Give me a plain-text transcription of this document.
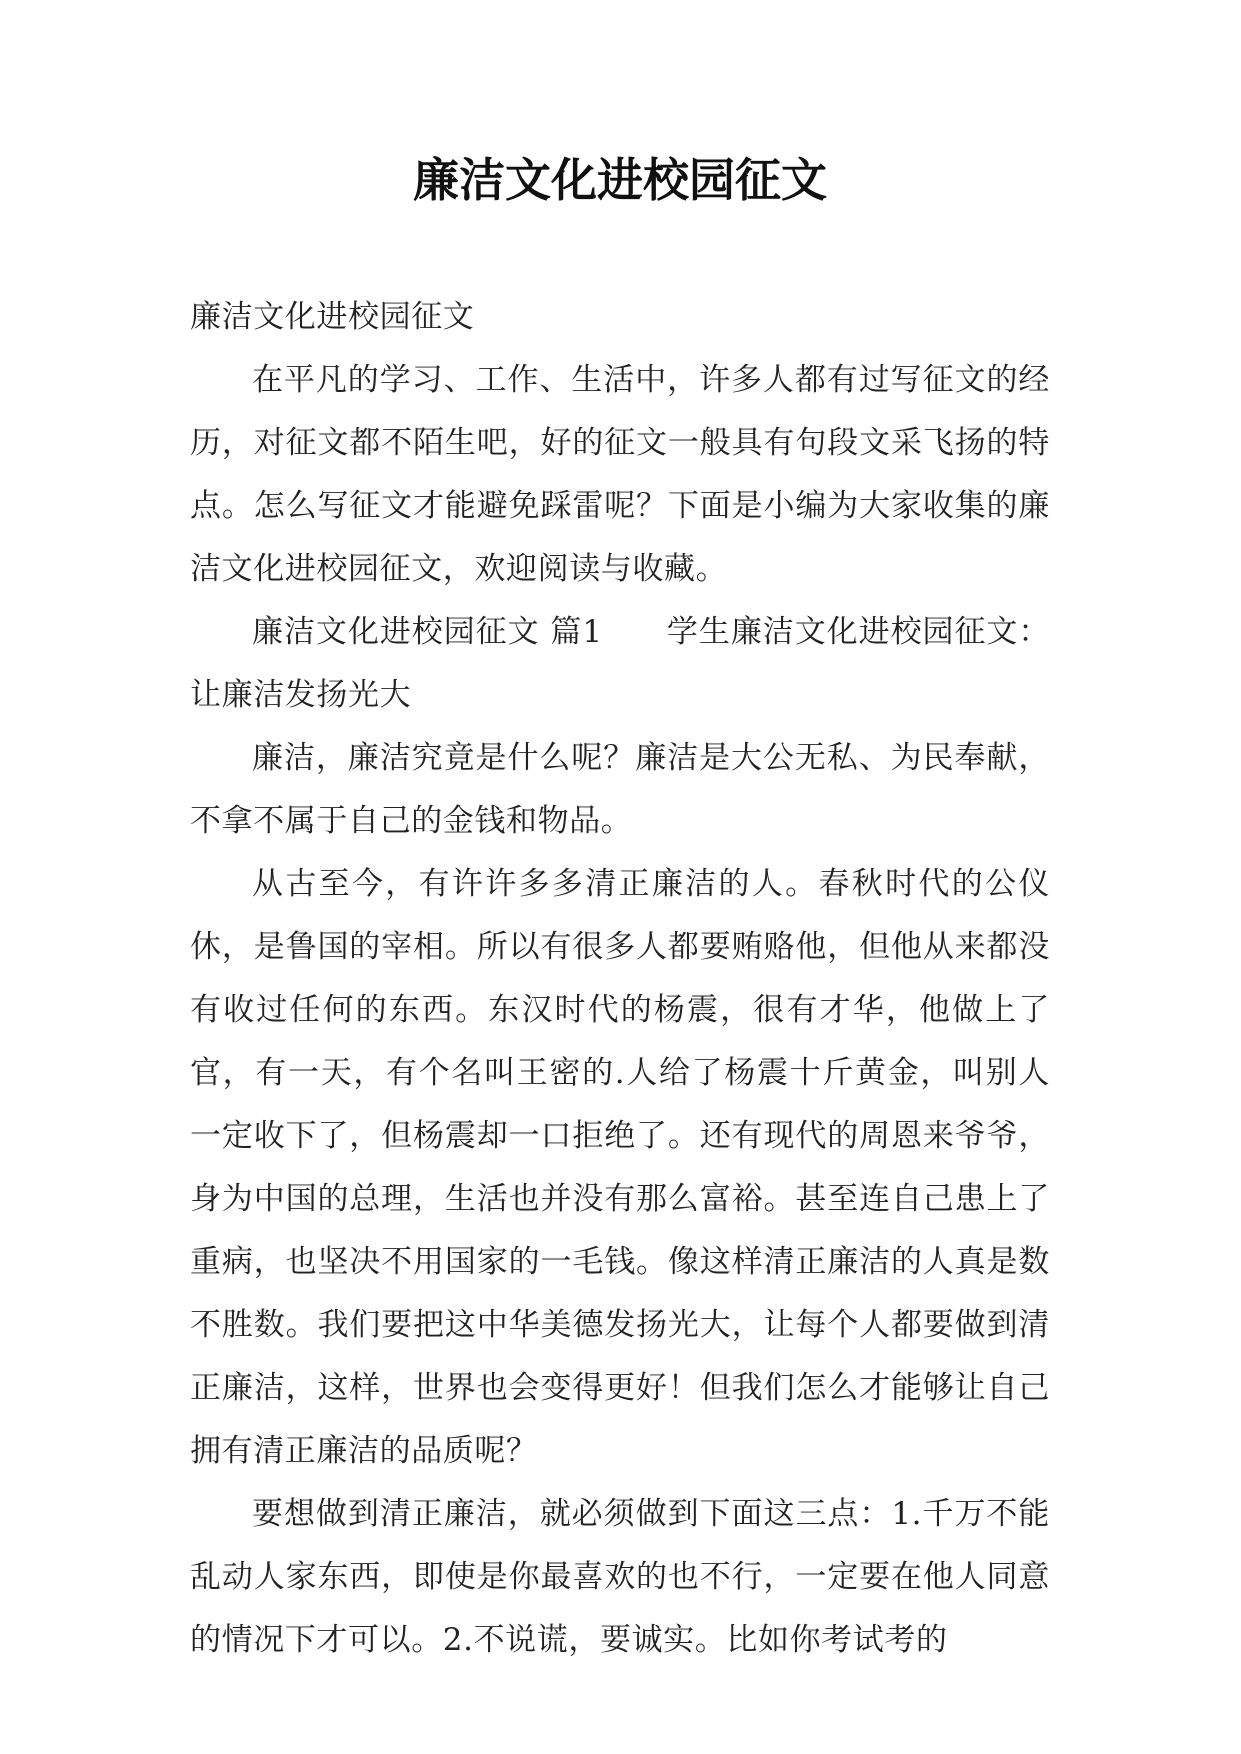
廉洁文化进校园征文

廉洁文化进校园征文

在平凡的学习、工作、生活中，许多人都有过写征文的经历，对征文都不陌生吧，好的征文一般具有句段文采飞扬的特点。怎么写征文才能避免踩雷呢？下面是小编为大家收集的廉洁文化进校园征文，欢迎阅读与收藏。

廉洁文化进校园征文 篇1　　学生廉洁文化进校园征文：让廉洁发扬光大

廉洁，廉洁究竟是什么呢？廉洁是大公无私、为民奉献，不拿不属于自己的金钱和物品。

从古至今，有许许多多清正廉洁的人。春秋时代的公仪休，是鲁国的宰相。所以有很多人都要贿赂他，但他从来都没有收过任何的东西。东汉时代的杨震，很有才华，他做上了官，有一天，有个名叫王密的.人给了杨震十斤黄金，叫别人一定收下了，但杨震却一口拒绝了。还有现代的周恩来爷爷，身为中国的总理，生活也并没有那么富裕。甚至连自己患上了重病，也坚决不用国家的一毛钱。像这样清正廉洁的人真是数不胜数。我们要把这中华美德发扬光大，让每个人都要做到清正廉洁，这样，世界也会变得更好！但我们怎么才能够让自己拥有清正廉洁的品质呢？

要想做到清正廉洁，就必须做到下面这三点：1.千万不能乱动人家东西，即使是你最喜欢的也不行，一定要在他人同意的情况下才可以。2.不说谎，要诚实。比如你考试考的
